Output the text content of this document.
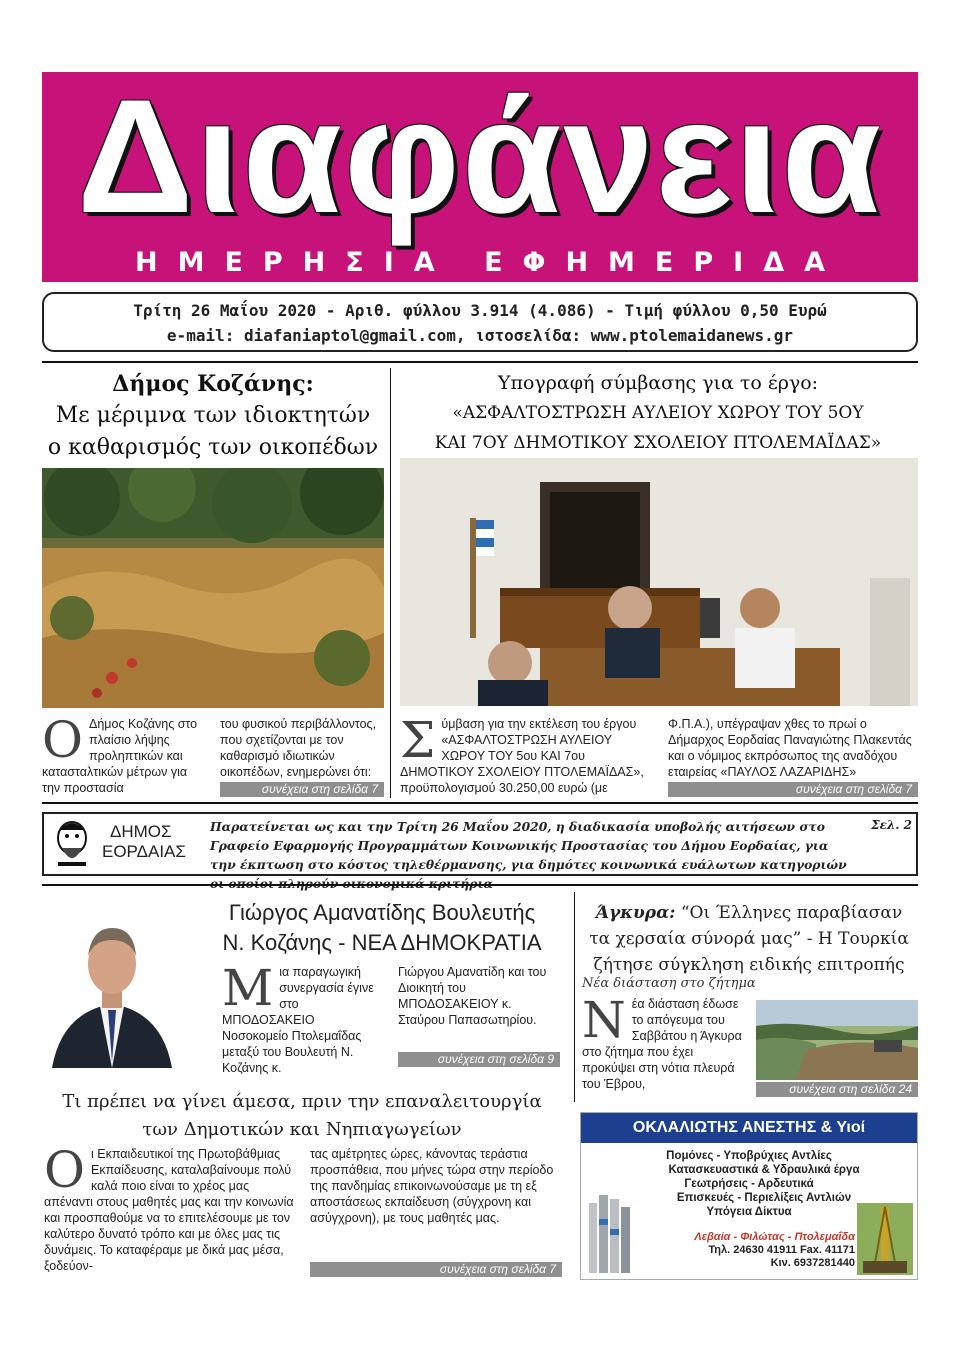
Διαφάνεια
ΗΜΕΡΗΣΙΑ ΕΦΗΜΕΡΙΔΑ
Τρίτη 26 Μαΐου 2020 - Αριθ. φύλλου 3.914 (4.086) - Τιμή φύλλου 0,50 Ευρώ
e-mail: diafaniaptol@gmail.com, ιστοσελίδα: www.ptolemaidanews.gr
Δήμος Κοζάνης:
Με μέριμνα των ιδιοκτητών
ο καθαρισμός των οικοπέδων
Ο Δήμος Κοζάνης στο πλαίσιο λήψης προληπτικών και κατασταλτικών μέτρων για την προστασία
του φυσικού περιβάλλοντος, που σχετίζονται με τον καθαρισμό ιδιωτικών οικοπέδων, ενημερώνει ότι:
συνέχεια στη σελίδα 7
Υπογραφή σύμβασης για το έργο:
«ΑΣΦΑΛΤΟΣΤΡΩΣΗ ΑΥΛΕΙΟΥ ΧΩΡΟΥ ΤΟΥ 5ΟΥ
ΚΑΙ 7ΟΥ ΔΗΜΟΤΙΚΟΥ ΣΧΟΛΕΙΟΥ ΠΤΟΛΕΜΑΪΔΑΣ»
Σ ύμβαση για την εκτέλεση του έργου «ΑΣΦΑΛΤΟΣΤΡΩΣΗ ΑΥΛΕΙΟΥ ΧΩΡΟΥ ΤΟΥ 5ου ΚΑΙ 7ου ΔΗΜΟΤΙΚΟΥ ΣΧΟΛΕΙΟΥ ΠΤΟΛΕΜΑΪΔΑΣ», προϋπολογισμού 30.250,00 ευρώ (με
Φ.Π.Α.), υπέγραψαν χθες το πρωί ο Δήμαρχος Εορδαίας Παναγιώτης Πλακεντάς και ο νόμιμος εκπρόσωπος της αναδόχου εταιρείας «ΠΑΥΛΟΣ ΛΑΖΑΡΙΔΗΣ»
συνέχεια στη σελίδα 7
ΔΗΜΟΣ
ΕΟΡΔΑΙΑΣ
Παρατείνεται ως και την Τρίτη 26 Μαΐου 2020, η διαδικασία υποβολής αιτήσεων στο Γραφείο Εφαρμογής Προγραμμάτων Κοινωνικής Προστασίας του Δήμου Εορδαίας, για την έκπτωση στο κόστος τηλεθέρμανσης, για δημότες κοινωνικά ευάλωτων κατηγοριών
Σελ. 2
Γιώργος Αμανατίδης Βουλευτής
Ν. Κοζάνης - ΝΕΑ ΔΗΜΟΚΡΑΤΙΑ
Μ ια παραγωγική συνεργασία έγινε στο ΜΠΟΔΟΣΑΚΕΙΟ Νοσοκομείο Πτολεμαΐδας μεταξύ του Βουλευτή Ν. Κοζάνης κ.
Γιώργου Αμανατίδη και του Διοικητή του ΜΠΟΔΟΣΑΚΕΙΟΥ κ. Σταύρου Παπασωτηρίου.
συνέχεια στη σελίδα 9
Άγκυρα: “Οι Έλληνες παραβίασαν
τα χερσαία σύνορά μας” - Η Τουρκία
ζήτησε σύγκληση ειδικής επιτροπής
Νέα διάσταση στο ζήτημα
Ν έα διάσταση έδωσε το απόγευμα του Σαββάτου η Άγκυρα στο ζήτημα που έχει προκύψει στη νότια πλευρά του Έβρου,	συνέχεια στη σελίδα 24
Τι πρέπει να γίνει άμεσα, πριν την επαναλειτουργία
των Δημοτικών και Νηπιαγωγείων
Ο ι Εκπαιδευτικοί της Πρωτοβάθμιας Εκπαίδευσης, καταλαβαίνουμε πολύ καλά ποιο είναι το χρέος μας απέναντι στους μαθητές μας και την κοινωνία και προσπαθούμε να το επιτελέσουμε με τον καλύτερο δυνατό τρόπο και με όλες μας τις δυνάμεις. Το καταφέραμε με δικά μας μέσα, ξοδεύον-
τας αμέτρητες ώρες, κάνοντας τεράστια προσπάθεια, που μήνες τώρα στην περίοδο της πανδημίας επικοινωνούσαμε με τη εξ αποστάσεως εκπαίδευση (σύγχρονη και ασύγχρονη), με τους μαθητές μας.
συνέχεια στη σελίδα 7
ΟΚΛΑΛΙΩΤΗΣ ΑΝΕΣΤΗΣ & Υιοί
Πομόνες - Υποβρύχιες Αντλίες
Κατασκευαστικά & Υδραυλικά έργα
Γεωτρήσεις - Αρδευτικά
Επισκευές - Περιελίξεις Αντλιών
Υπόγεια Δίκτυα
Λεβαία - Φιλώτας - Πτολεμαΐδα
Τηλ. 24630 41911 Fax. 41171
Κιν. 6937281440
